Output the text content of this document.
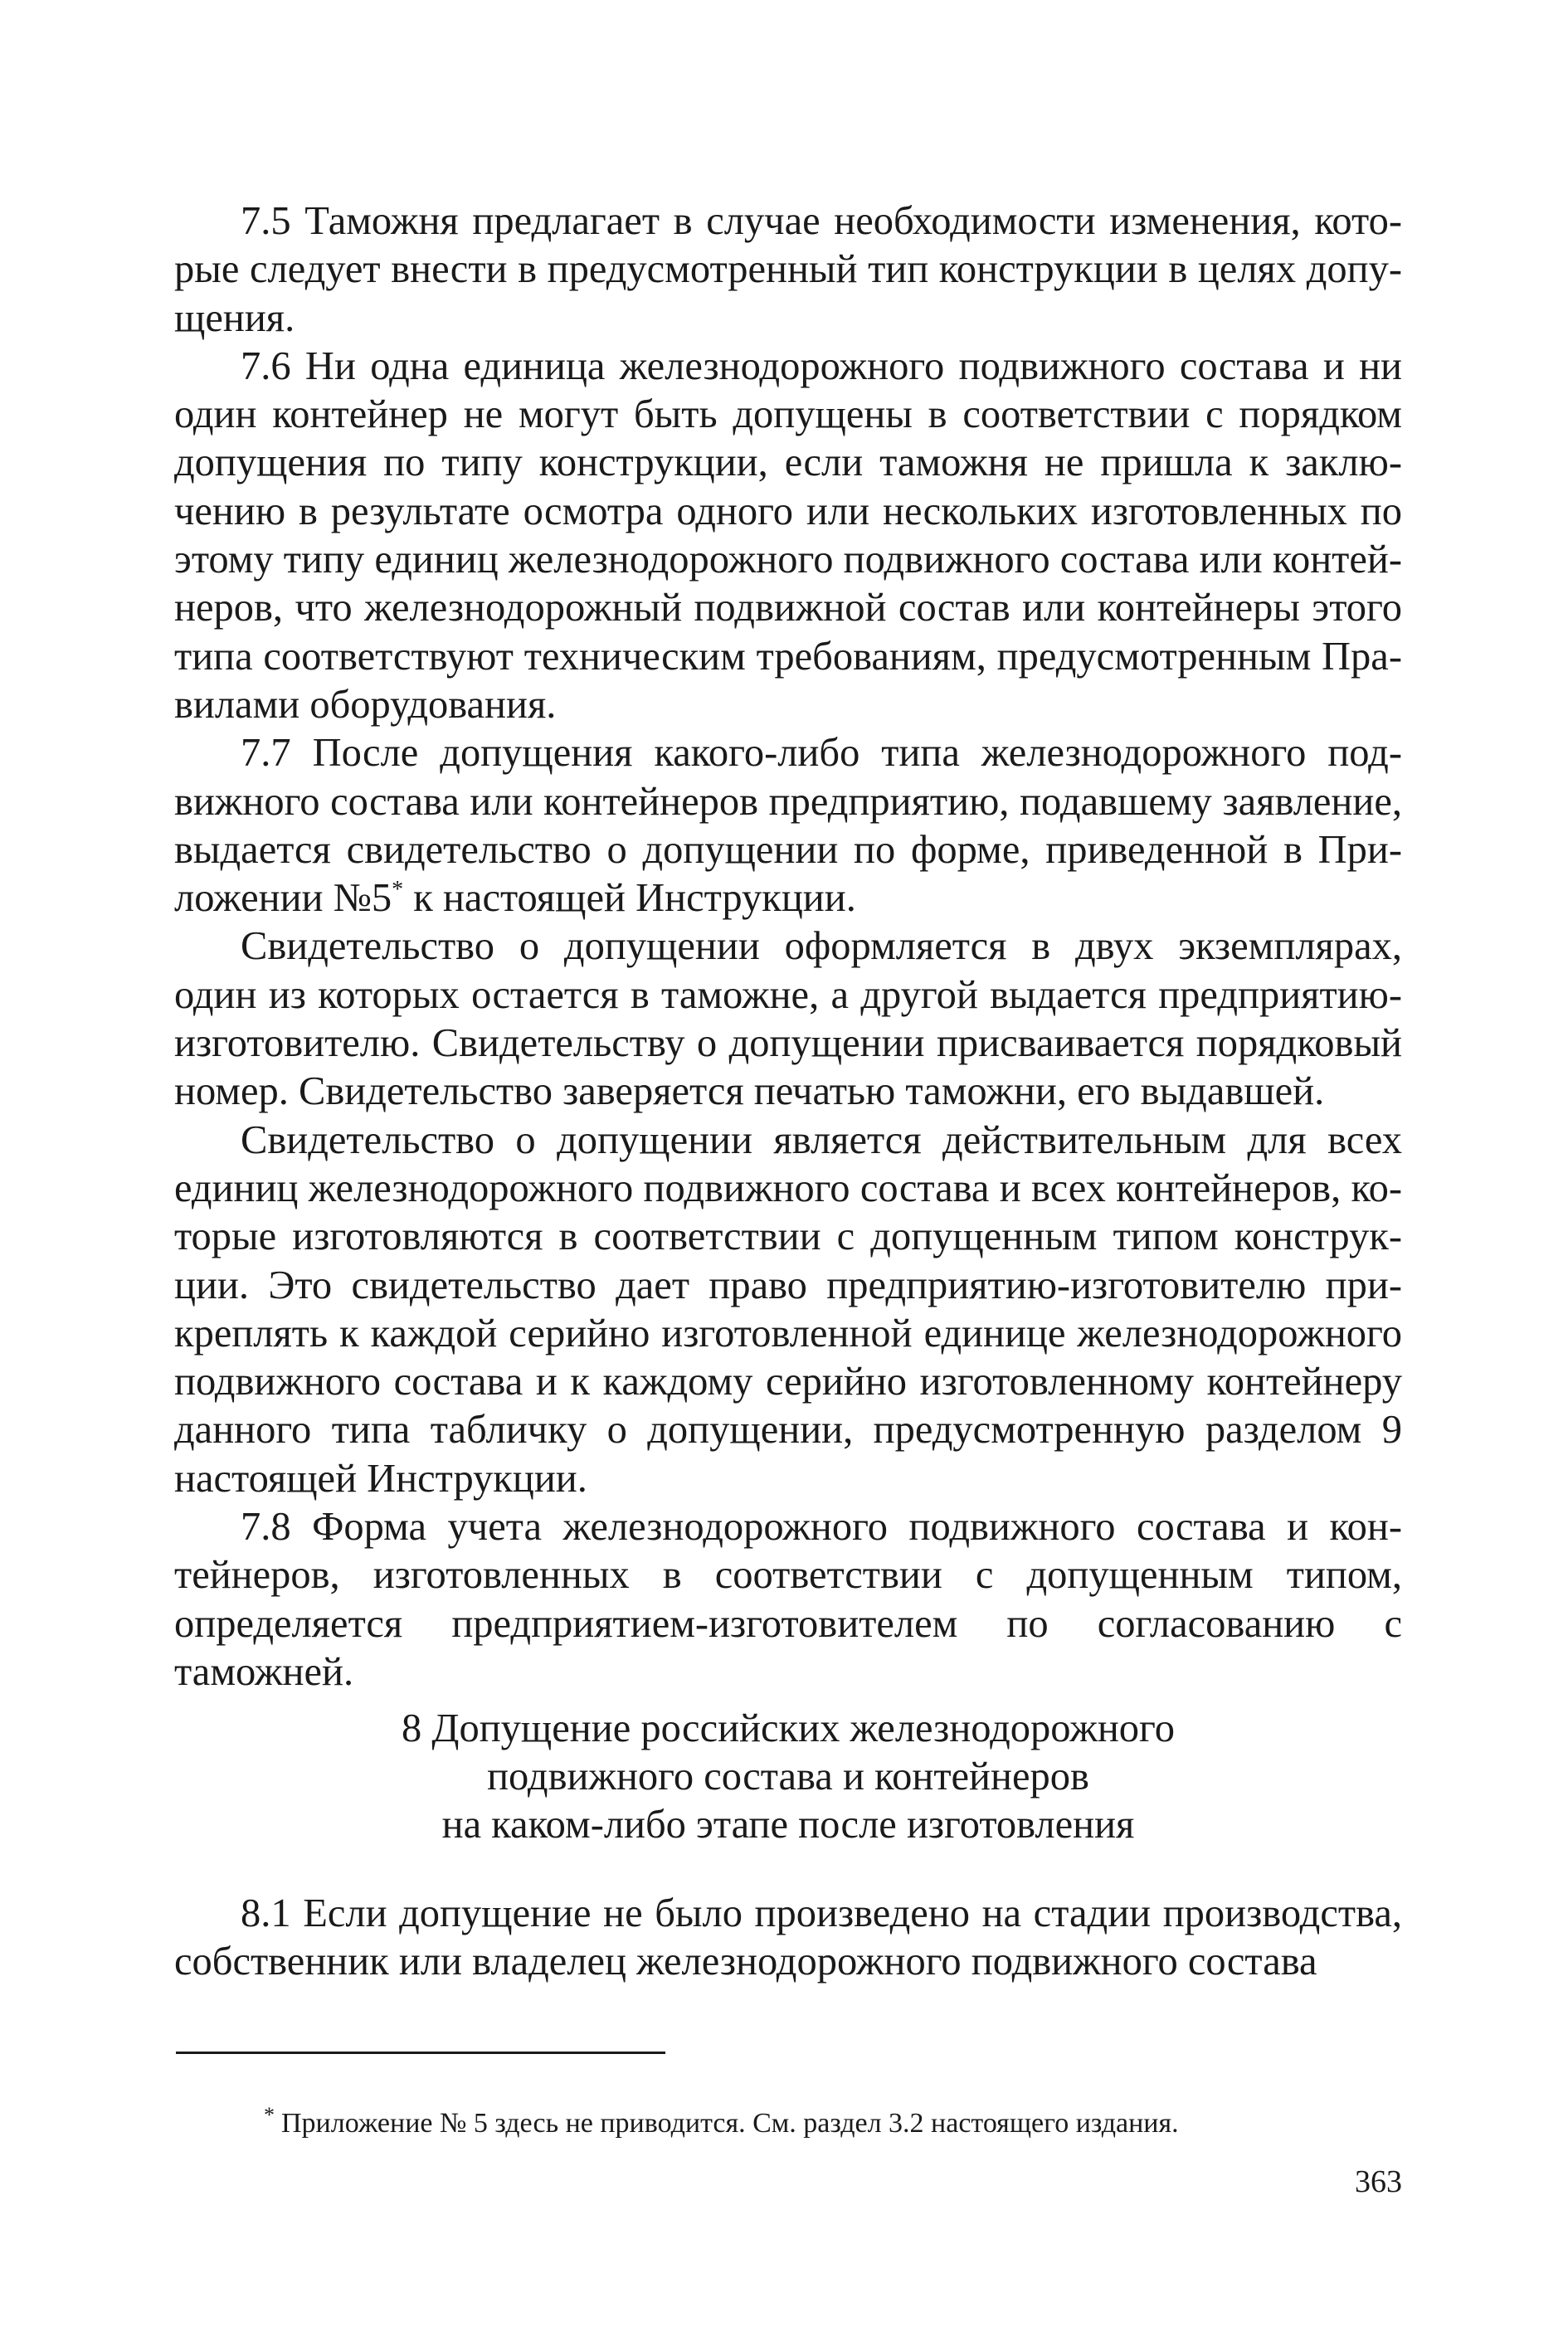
7.5 Таможня предлагает в случае необходимости изменения, которые следует внести в предусмотренный тип конструкции в целях допущения.

7.6 Ни одна единица железнодорожного подвижного состава и ни один контейнер не могут быть допущены в соответствии с порядком допущения по типу конструкции, если таможня не пришла к заключению в результате осмотра одного или нескольких изготовленных по этому типу единиц железнодорожного подвижного состава или контейнеров, что железнодорожный подвижной состав или контейнеры этого типа соответствуют техническим требованиям, предусмотренным Правилами оборудования.

7.7 После допущения какого-либо типа железнодорожного подвижного состава или контейнеров предприятию, подавшему заявление, выдается свидетельство о допущении по форме, приведенной в Приложении №5* к настоящей Инструкции.

Свидетельство о допущении оформляется в двух экземплярах, один из которых остается в таможне, а другой выдается предприятию-изготовителю. Свидетельству о допущении присваивается порядковый номер. Свидетельство заверяется печатью таможни, его выдавшей.

Свидетельство о допущении является действительным для всех единиц железнодорожного подвижного состава и всех контейнеров, которые изготовляются в соответствии с допущенным типом конструкции. Это свидетельство дает право предприятию-изготовителю прикреплять к каждой серийно изготовленной единице железнодорожного подвижного состава и к каждому серийно изготовленному контейнеру данного типа табличку о допущении, предусмотренную разделом 9 настоящей Инструкции.

7.8 Форма учета железнодорожного подвижного состава и контейнеров, изготовленных в соответствии с допущенным типом, определяется предприятием-изготовителем по согласованию с таможней.

8 Допущение российских железнодорожного
подвижного состава и контейнеров
на каком-либо этапе после изготовления
8.1 Если допущение не было произведено на стадии производства, собственник или владелец железнодорожного подвижного состава
* Приложение № 5 здесь не приводится. См. раздел 3.2 настоящего издания.
363
